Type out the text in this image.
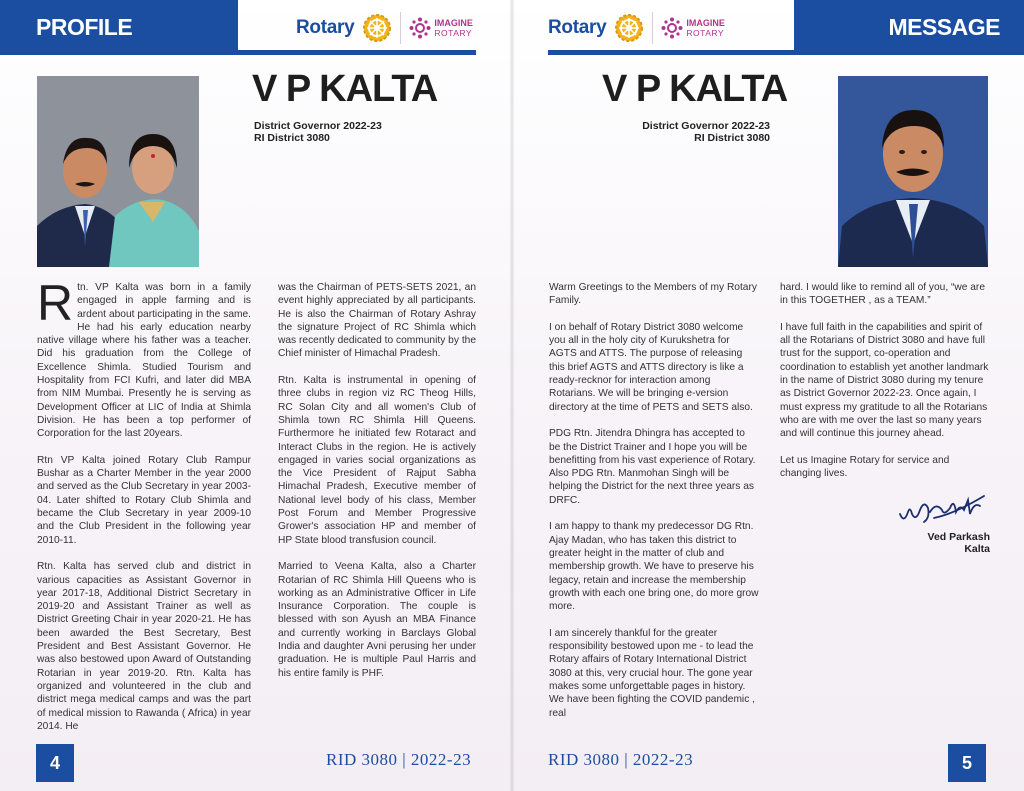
PROFILE	Rotary	IMAGINE
ROTARY
V P KALTA
District Governor 2022-23
RI District 3080

Rtn. VP Kalta was born in a family engaged in apple farming and is ardent about participating in the same. He had his early education nearby native village where his father was a teacher. Did his graduation from the College of Excellence Shimla. Studied Tourism and Hospitality from FCI Kufri, and later did MBA from NIM Mumbai. Presently he is serving as Development Officer at LIC of India at Shimla Division. He has been a top performer of Corporation for the last 20years.

Rtn VP Kalta joined Rotary Club Rampur Bushar as a Charter Member in the year 2000 and served as the Club Secretary in year 2003-04. Later shifted to Rotary Club Shimla and became the Club Secretary in year 2009-10 and the Club President in the following year 2010-11.

Rtn. Kalta has served club and district in various capacities as Assistant Governor in year 2017-18, Additional District Secretary in 2019-20 and Assistant Trainer as well as District Greeting Chair in year 2020-21. He has been awarded the Best Secretary, Best President and Best Assistant Governor. He was also bestowed upon Award of Outstanding Rotarian in year 2019-20. Rtn. Kalta has organized and volunteered in the club and district mega medical camps and was the part of medical mission to Rawanda ( Africa) in year 2014. He

was the Chairman of PETS-SETS 2021, an event highly appreciated by all participants. He is also the Chairman of Rotary Ashray the signature Project of RC Shimla which was recently dedicated to community by the Chief minister of Himachal Pradesh.

Rtn. Kalta is instrumental in opening of three clubs in region viz RC Theog Hills, RC Solan City and all women's Club of Shimla town RC Shimla Hill Queens. Furthermore he initiated few Rotaract and Interact Clubs in the region. He is actively engaged in varies social organizations as the Vice President of Rajput Sabha Himachal Pradesh, Executive member of National level body of his class, Member Post Forum and Member Progressive Grower's association HP and member of HP State blood transfusion council.

Married to Veena Kalta, also a Charter Rotarian of RC Shimla Hill Queens who is working as an Administrative Officer in Life Insurance Corporation. The couple is blessed with son Ayush an MBA Finance and currently working in Barclays Global India and daughter Avni perusing her under graduation. He is multiple Paul Harris and his entire family is PHF.

4	RID 3080 | 2022-23
MESSAGE
Rotary	IMAGINE
ROTARY
V P KALTA
District Governor 2022-23
RI District 3080

Warm Greetings to the Members of my Rotary Family.

I on behalf of Rotary District 3080 welcome you all in the holy city of Kurukshetra for AGTS and ATTS. The purpose of releasing this brief AGTS and ATTS directory is like a ready-recknor for interaction among Rotarians. We will be bringing e-version directory at the time of PETS and SETS also.

PDG Rtn. Jitendra Dhingra has accepted to be the District Trainer and I hope you will be benefitting from his vast experience of Rotary. Also PDG Rtn. Manmohan Singh will be helping the District for the next three years as DRFC.

I am happy to thank my predecessor DG Rtn. Ajay Madan, who has taken this district to greater height in the matter of club and membership growth. We have to preserve his legacy, retain and increase the membership growth with each one bring one, do more grow more.

I am sincerely thankful for the greater responsibility bestowed upon me - to lead the Rotary affairs of Rotary International District 3080 at this, very crucial hour. The gone year makes some unforgettable pages in history. We have been fighting the COVID pandemic , real

hard. I would like to remind all of you, “we are in this TOGETHER , as a TEAM.”

I have full faith in the capabilities and spirit of all the Rotarians of District 3080 and have full trust for the support, co-operation and coordination to establish yet another landmark in the name of District 3080 during my tenure as District Governor 2022-23. Once again, I must express my gratitude to all the Rotarians who are with me over the last so many years and will continue this journey ahead.

Let us Imagine Rotary for service and changing lives.

Ved Parkash Kalta
RID 3080 | 2022-23	5
